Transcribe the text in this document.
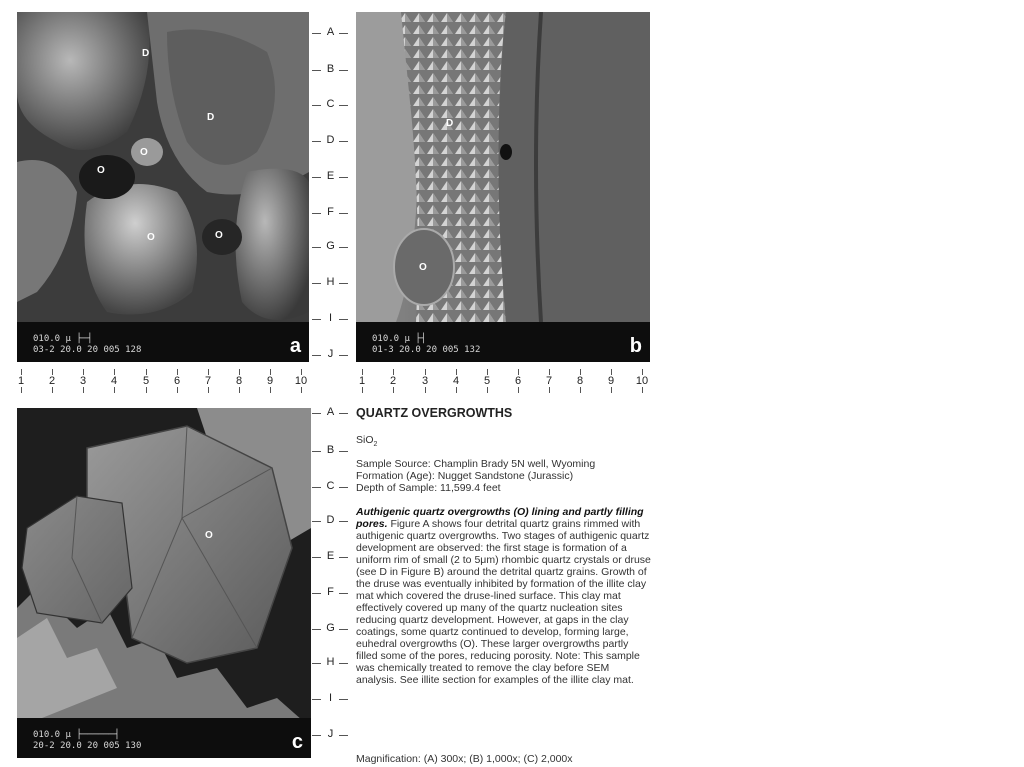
O
O
O	O
D
D
010.0 μ ├─┤
03-2 20.0 20 005 128	a
D
O
010.0 μ ├┤
01-3 20.0 20 005 132	b
O
010.0 μ ├──────┤
20-2 20.0 20 005 130	c
A
B
C
D
E
F
G
H
I
J
A
B
C
D
E
F
G
H
I
J
1	2	3	4	5	6	7	8	9	10	1	2	3	4	5	6	7	8	9	10
QUARTZ OVERGROWTHS
SiO$_2$
Sample Source: Champlin Brady 5N well, Wyoming
Formation (Age): Nugget Sandstone (Jurassic)
Depth of Sample: 11,599.4 feet
Authigenic quartz overgrowths (O) lining and partly filling pores. Figure A shows four detrital quartz grains rimmed with authigenic quartz overgrowths. Two stages of authigenic quartz development are observed: the first stage is formation of a uniform rim of small (2 to 5μm) rhombic quartz crystals or druse (see D in Figure B) around the detrital quartz grains. Growth of the druse was eventually inhibited by formation of the illite clay mat which covered the druse-lined surface. This clay mat effectively covered up many of the quartz nucleation sites reducing quartz development. However, at gaps in the clay coatings, some quartz continued to develop, forming large, euhedral overgrowths (O). These larger overgrowths partly filled some of the pores, reducing porosity. Note: This sample was chemically treated to remove the clay before SEM analysis. See illite section for examples of the illite clay mat.
Magnification: (A) 300x; (B) 1,000x; (C) 2,000x
